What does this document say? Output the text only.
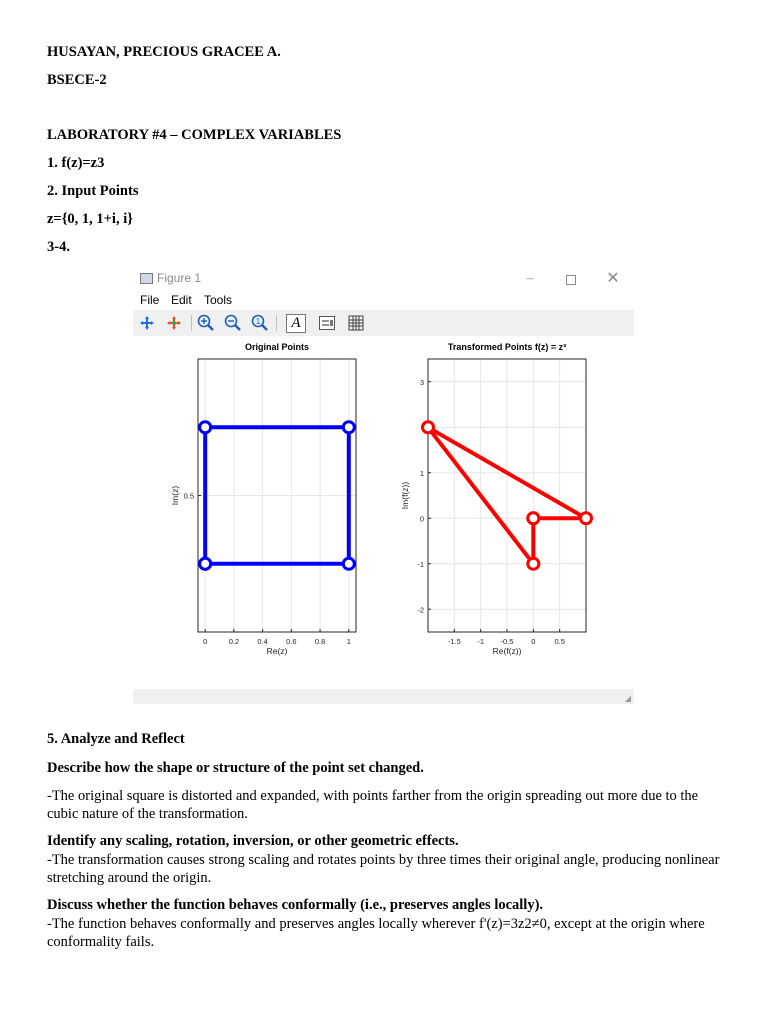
HUSAYAN, PRECIOUS GRACEE A.
BSECE-2
LABORATORY #4 – COMPLEX VARIABLES
1. f(z)=z3
2. Input Points
z={0, 1, 1+i, i}
3-4.
Figure 1	–	✕
File Edit Tools
1	A
0	0.2 0.4 0.6 0.8	1
0.5
Original Points
Re(z)
Im(z)
-1.5 -1 -0.5 0	0.5
3
1
0
-1
-2
Transformed Points f(z) = z³
Re(f(z))
Im(f(z))
◢
5. Analyze and Reflect
Describe how the shape or structure of the point set changed.
-The original square is distorted and expanded, with points farther from the origin spreading out more due to the cubic nature of the transformation.
Identify any scaling, rotation, inversion, or other geometric effects.
-The transformation causes strong scaling and rotates points by three times their original angle, producing nonlinear stretching around the origin.
Discuss whether the function behaves conformally (i.e., preserves angles locally).
-The function behaves conformally and preserves angles locally wherever f'(z)=3z2≠0, except at the origin where conformality fails.
